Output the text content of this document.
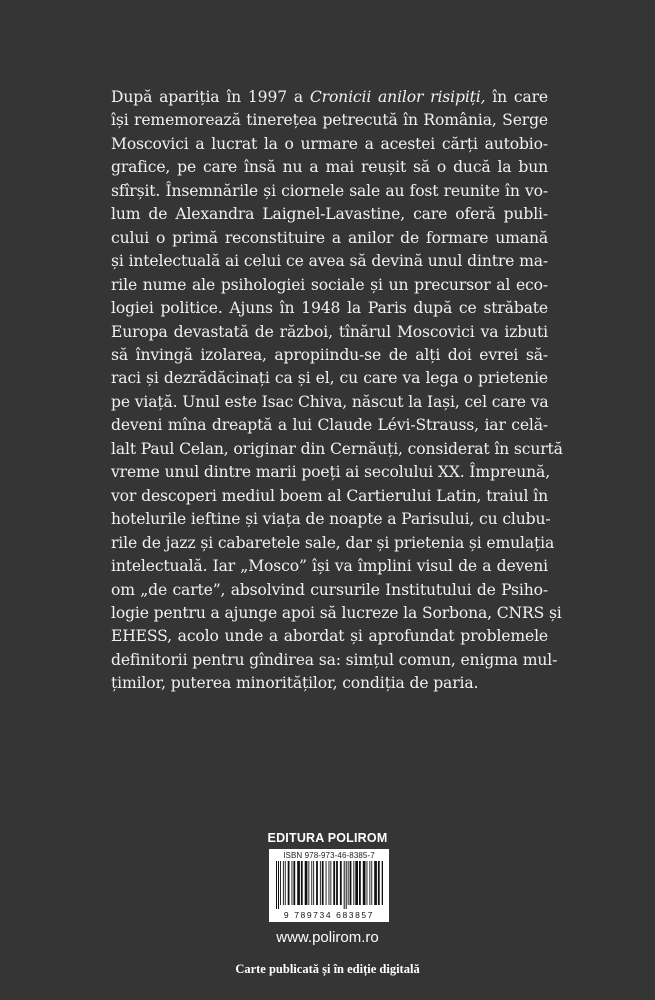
După apariția în 1997 a Cronicii anilor risipiți, în care
își rememorează tinerețea petrecută în România, Serge
Moscovici a lucrat la o urmare a acestei cărți autobio-
grafice, pe care însă nu a mai reușit să o ducă la bun
sfîrșit. Însemnările și ciornele sale au fost reunite în vo-
lum de Alexandra Laignel-Lavastine, care oferă publi-
cului o primă reconstituire a anilor de formare umană
și intelectuală ai celui ce avea să devină unul dintre ma-
rile nume ale psihologiei sociale și un precursor al eco-
logiei politice. Ajuns în 1948 la Paris după ce străbate
Europa devastată de război, tînărul Moscovici va izbuti
să învingă izolarea, apropiindu-se de alți doi evrei să-
raci și dezrădăcinați ca și el, cu care va lega o prietenie
pe viață. Unul este Isac Chiva, născut la Iași, cel care va
deveni mîna dreaptă a lui Claude Lévi-Strauss, iar celă-
lalt Paul Celan, originar din Cernăuți, considerat în scurtă
vreme unul dintre marii poeți ai secolului XX. Împreună,
vor descoperi mediul boem al Cartierului Latin, traiul în
hotelurile ieftine și viața de noapte a Parisului, cu clubu-
rile de jazz și cabaretele sale, dar și prietenia și emulația
intelectuală. Iar „Mosco” își va împlini visul de a deveni
om „de carte”, absolvind cursurile Institutului de Psiho-
logie pentru a ajunge apoi să lucreze la Sorbona, CNRS și
EHESS, acolo unde a abordat și aprofundat problemele
definitorii pentru gîndirea sa: simțul comun, enigma mul-
țimilor, puterea minorităților, condiția de paria.
EDITURA POLIROM
ISBN 978-973-46-8385-7
9 789734 683857
www.polirom.ro
Carte publicată și în ediție digitală
